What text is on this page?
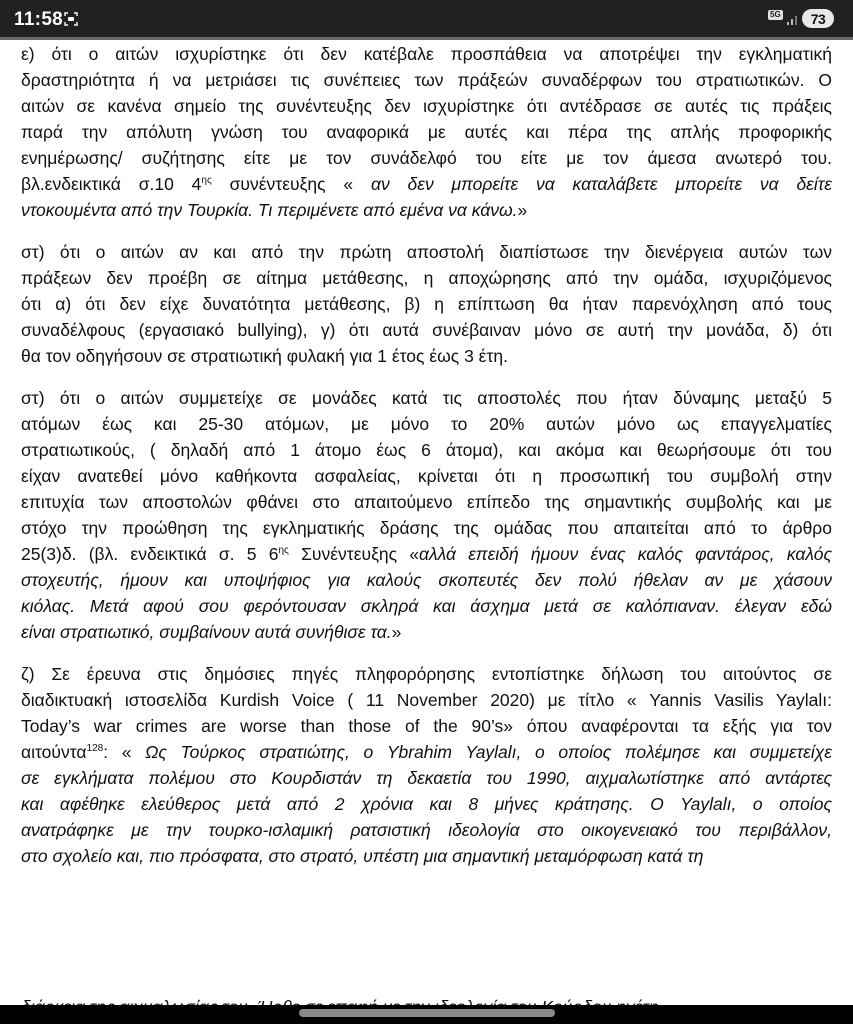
11:58	5G 73

ε) ότι ο αιτών ισχυρίστηκε ότι δεν κατέβαλε προσπάθεια να αποτρέψει την εγκληματική
δραστηριότητα ή να μετριάσει τις συνέπειες των πράξεών συναδέρφων του στρατιωτικών. Ο
αιτών σε κανένα σημείο της συνέντευξης δεν ισχυρίστηκε ότι αντέδρασε σε αυτές τις πράξεις
παρά την απόλυτη γνώση του αναφορικά με αυτές και πέρα της απλής προφορικής
ενημέρωσης/ συζήτησης είτε με τον συνάδελφό του είτε με τον άμεσα ανωτερό του.
βλ.ενδεικτικά σ.10 $4^{\eta\varsigma}$ συνέντευξης « αν δεν μπορείτε να καταλάβετε μπορείτε να δείτε
ντοκουμέντα από την Τουρκία. Τι περιμένετε από εμένα να κάνω.»

στ) ότι ο αιτών αν και από την πρώτη αποστολή διαπίστωσε την διενέργεια αυτών των
πράξεων δεν προέβη σε αίτημα μετάθεσης, η αποχώρησης από την ομάδα, ισχυριζόμενος
ότι α) ότι δεν είχε δυνατότητα μετάθεσης, β) η επίπτωση θα ήταν παρενόχληση από τους
συναδέλφους (εργασιακό bullying), γ) ότι αυτά συνέβαιναν μόνο σε αυτή την μονάδα, δ) ότι
θα τον οδηγήσουν σε στρατιωτική φυλακή για 1 έτος έως 3 έτη.

στ) ότι ο αιτών συμμετείχε σε μονάδες κατά τις αποστολές που ήταν δύναμης μεταξύ 5
ατόμων έως και 25-30 ατόμων, με μόνο το 20% αυτών μόνο ως επαγγελματίες
στρατιωτικούς, ( δηλαδή από 1 άτομο έως 6 άτομα), και ακόμα και θεωρήσουμε ότι του
είχαν ανατεθεί μόνο καθήκοντα ασφαλείας, κρίνεται ότι η προσωπική του συμβολή στην
επιτυχία των αποστολών φθάνει στο απαιτούμενο επίπεδο της σημαντικής συμβολής και με
στόχο την προώθηση της εγκληματικής δράσης της ομάδας που απαιτείται από το άρθρο
25(3)δ. (βλ. ενδεικτικά σ. 5 $6^{\eta\varsigma}$ Συνέντευξης «αλλά επειδή ήμουν ένας καλός φαντάρος, καλός
στοχευτής, ήμουν και υποψήφιος για καλούς σκοπευτές δεν πολύ ήθελαν αν με χάσουν
κιόλας. Μετά αφού σου φερόντουσαν σκληρά και άσχημα μετά σε καλόπιαναν. έλεγαν εδώ
είναι στρατιωτικό, συμβαίνουν αυτά συνήθισε τα.»

ζ) Σε έρευνα στις δημόσιες πηγές πληφορόρησης εντοπίστηκε δήλωση του αιτούντος σε
διαδικτυακή ιστοσελίδα Kurdish Voice ( 11 November 2020) με τίτλο « Yannis Vasilis Yaylalı:
Today’s war crimes are worse than those of the 90’s» όπου αναφέρονται τα εξής για τον
αιτούντα$^{128}$: « Ως Τούρκος στρατιώτης, ο Ybrahim Yaylalı, ο οποίος πολέμησε και συμμετείχε
σε εγκλήματα πολέμου στο Κουρδιστάν τη δεκαετία του 1990, αιχμαλωτίστηκε από αντάρτες
και αφέθηκε ελεύθερος μετά από 2 χρόνια και 8 μήνες κράτησης. Ο Yaylalı, ο οποίος
ανατράφηκε με την τουρκο-ισλαμική ρατσιστική ιδεολογία στο οικογενειακό του περιβάλλον,
στο σχολείο και, πιο πρόσφατα, στο στρατό, υπέστη μια σημαντική μεταμόρφωση κατά τη
